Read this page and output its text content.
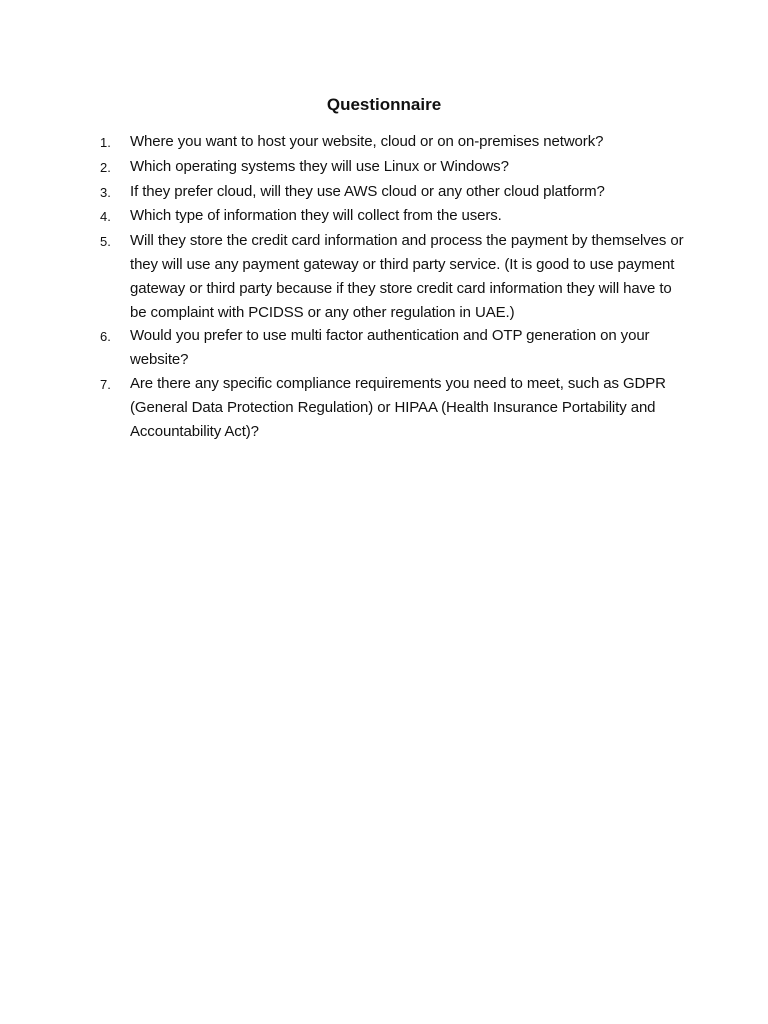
Questionnaire
1.	Where you want to host your website, cloud or on on-premises network?
2.	Which operating systems they will use Linux or Windows?
3.	If they prefer cloud, will they use AWS cloud or any other cloud platform?
4.	Which type of information they will collect from the users.
5.	Will they store the credit card information and process the payment by themselves or they will use any payment gateway or third party service. (It is good to use payment gateway or third party because if they store credit card information they will have to be complaint with PCIDSS or any other regulation in UAE.)
6.	Would you prefer to use multi factor authentication and OTP generation on your website?
7.	Are there any specific compliance requirements you need to meet, such as GDPR (General Data Protection Regulation) or HIPAA (Health Insurance Portability and Accountability Act)?
